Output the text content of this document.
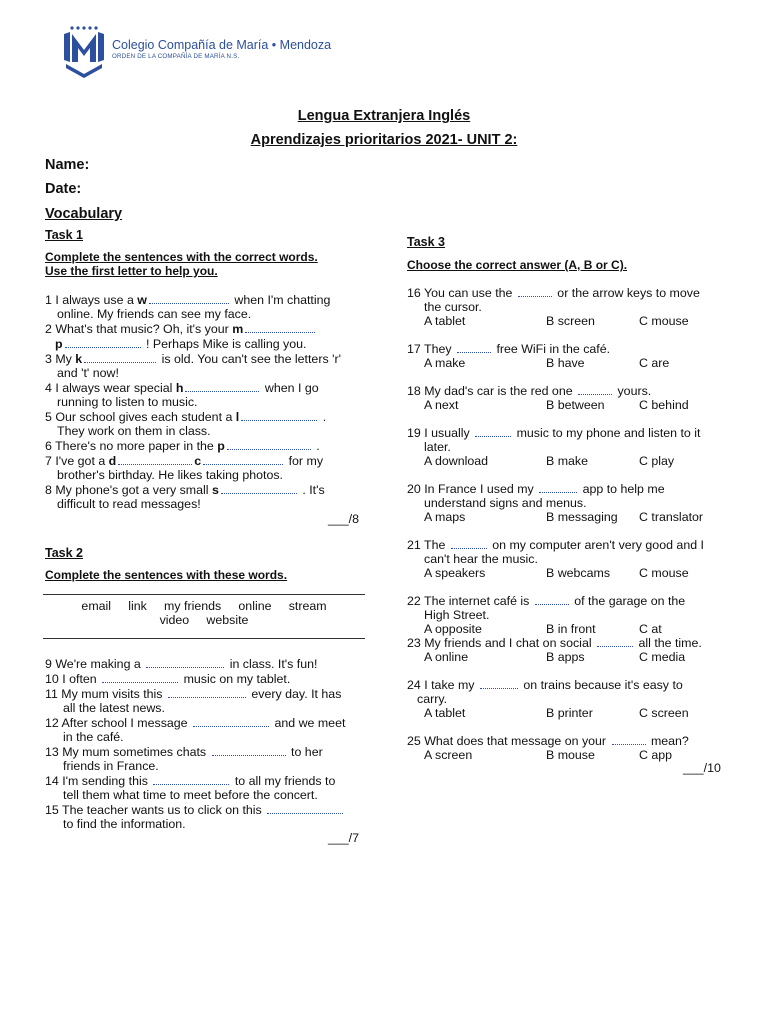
Colegio Compañía de María • Mendoza
ORDEN DE LA COMPAÑÍA DE MARÍA N.S.
Lengua Extranjera Inglés
Aprendizajes prioritarios 2021- UNIT 2:
Name:
Date:
Vocabulary
Task 1
Complete the sentences with the correct words.
Use the first letter to help you.
1 I always use a w	when I'm chatting
online. My friends can see my face.
2 What's that music? Oh, it's your m
p	! Perhaps Mike is calling you.
3 My k	is old. You can't see the letters 'r'
and 't' now!
4 I always wear special h	when I go
running to listen to music.
5 Our school gives each student a l	.
They work on them in class.
6 There's no more paper in the p	.
7 I've got a d	c	for my
brother's birthday. He likes taking photos.
8 My phone's got a very small s	. It's
difficult to read messages!
___/8
Task 2
Complete the sentences with these words.
email     link     my friends     online     stream
video     website
9 We're making a	in class. It's fun!
10 I often	music on my tablet.
11 My mum visits this	every day. It has
all the latest news.
12 After school I message	and we meet
in the café.
13 My mum sometimes chats	to her
friends in France.
14 I'm sending this	to all my friends to
tell them what time to meet before the concert.
15 The teacher wants us to click on this
to find the information.
___/7
Task 3
Choose the correct answer (A, B or C).
16 You can use the	or the arrow keys to move
the cursor.
A tablet	B screen	C mouse
17 They	free WiFi in the café.
A make	B have	C are
18 My dad's car is the red one	yours.
A next	B between	C behind
19 I usually	music to my phone and listen to it
later.
A download	B make	C play
20 In France I used my	app to help me
understand signs and menus.
A maps	B messaging C translator
21 The	on my computer aren't very good and I
can't hear the music.
A speakers	B webcams C mouse
22 The internet café is	of the garage on the
High Street.
A opposite	B in front	C at
23 My friends and I chat on social	all the time.
A online	B apps	C media
24 I take my	on trains because it's easy to
carry.
A tablet	B printer	C screen
25 What does that message on your	mean?
A screen	B mouse	C app
___/10
